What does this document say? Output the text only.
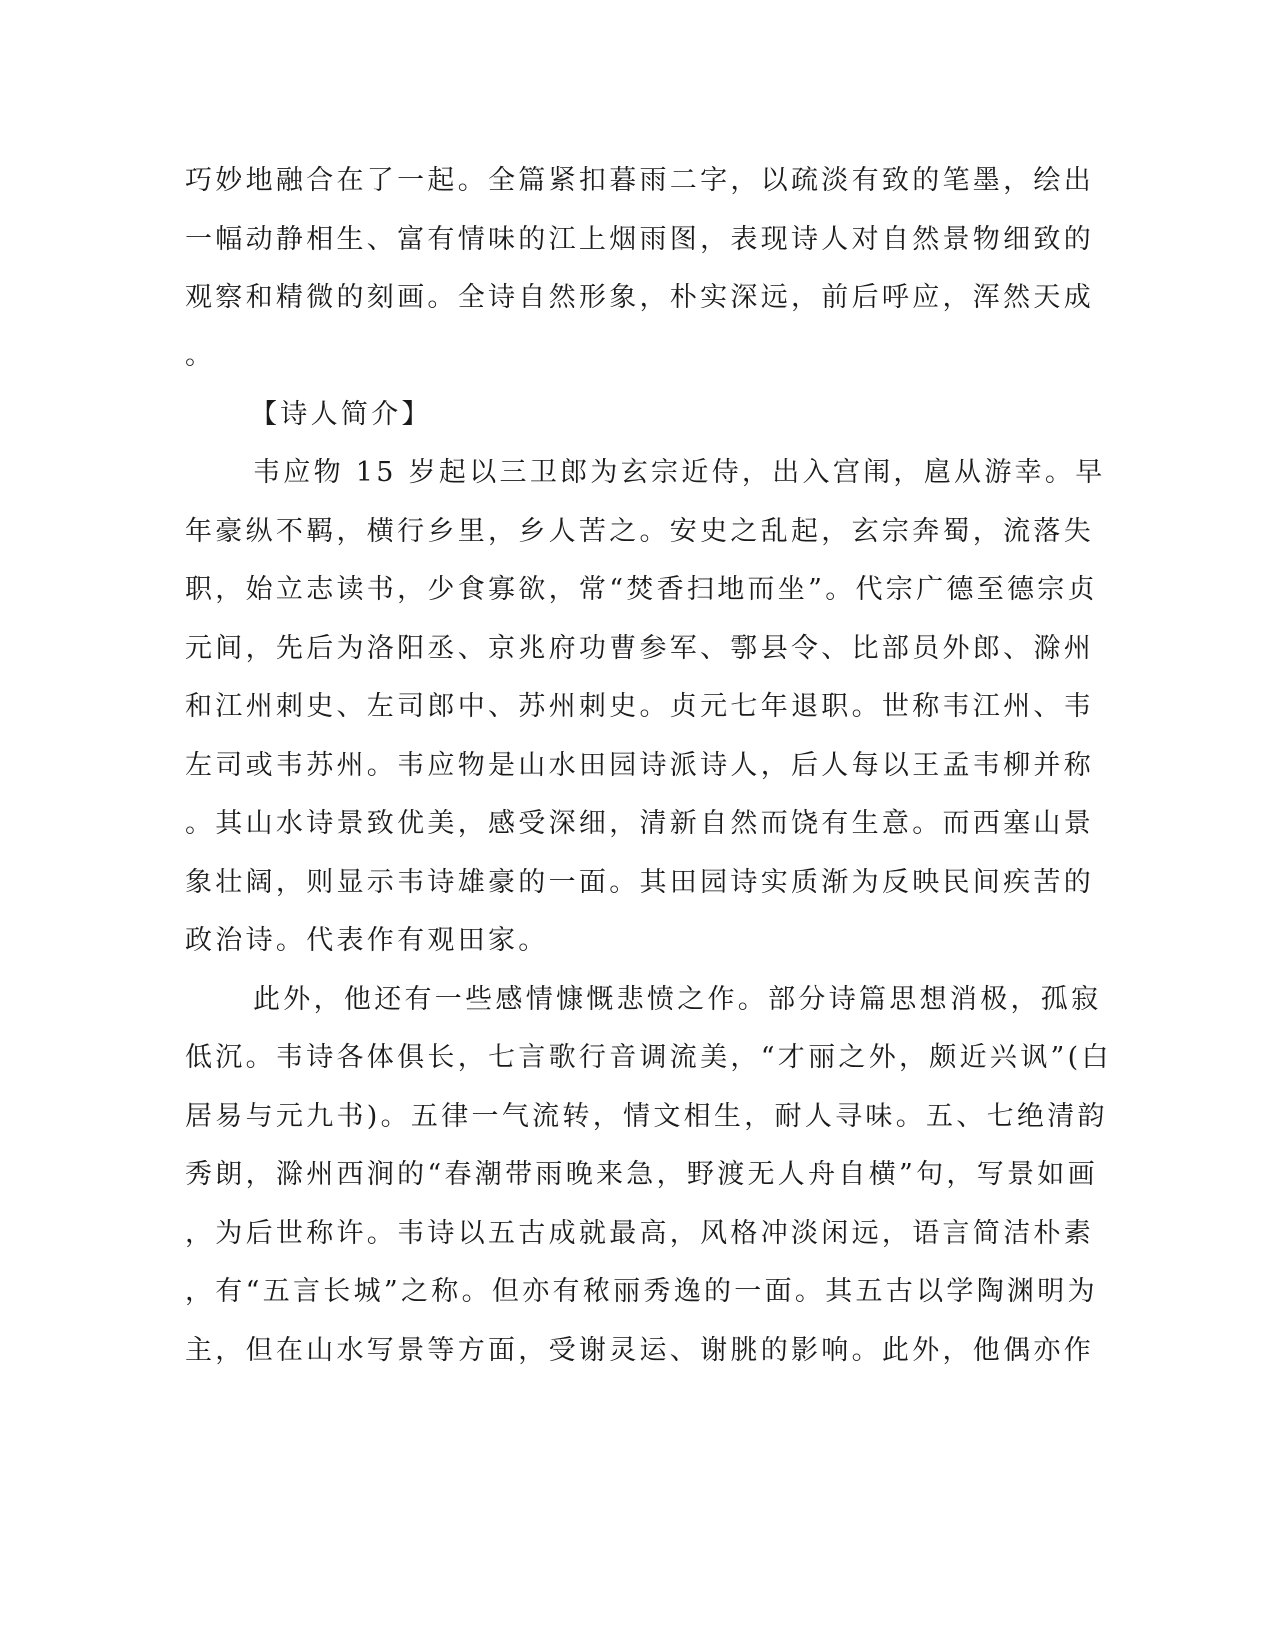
巧妙地融合在了一起。全篇紧扣暮雨二字，以疏淡有致的笔墨，绘出
一幅动静相生、富有情味的江上烟雨图，表现诗人对自然景物细致的
观察和精微的刻画。全诗自然形象，朴实深远，前后呼应，浑然天成
。
【诗人简介】
韦应物 15 岁起以三卫郎为玄宗近侍，出入宫闱，扈从游幸。早
年豪纵不羁，横行乡里，乡人苦之。安史之乱起，玄宗奔蜀，流落失
职，始立志读书，少食寡欲，常“焚香扫地而坐”。代宗广德至德宗贞
元间，先后为洛阳丞、京兆府功曹参军、鄠县令、比部员外郎、滁州
和江州刺史、左司郎中、苏州刺史。贞元七年退职。世称韦江州、韦
左司或韦苏州。韦应物是山水田园诗派诗人，后人每以王孟韦柳并称
。其山水诗景致优美，感受深细，清新自然而饶有生意。而西塞山景
象壮阔，则显示韦诗雄豪的一面。其田园诗实质渐为反映民间疾苦的
政治诗。代表作有观田家。
此外，他还有一些感情慷慨悲愤之作。部分诗篇思想消极，孤寂
低沉。韦诗各体俱长，七言歌行音调流美，“才丽之外，颇近兴讽”(白
居易与元九书)。五律一气流转，情文相生，耐人寻味。五、七绝清韵
秀朗，滁州西涧的“春潮带雨晚来急，野渡无人舟自横”句，写景如画
，为后世称许。韦诗以五古成就最高，风格冲淡闲远，语言简洁朴素
，有“五言长城”之称。但亦有秾丽秀逸的一面。其五古以学陶渊明为
主，但在山水写景等方面，受谢灵运、谢朓的影响。此外，他偶亦作
